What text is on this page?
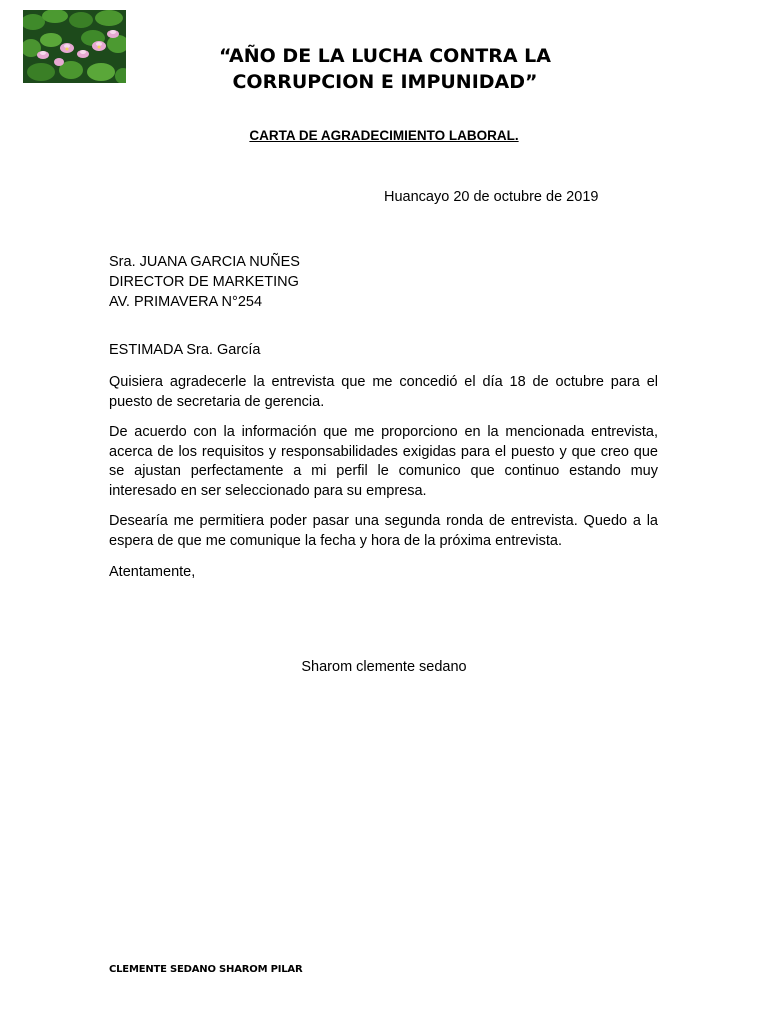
“AÑO DE LA LUCHA CONTRA LA CORRUPCION E IMPUNIDAD”
CARTA DE AGRADECIMIENTO LABORAL.
Huancayo 20 de octubre de 2019
Sra. JUANA GARCIA NUÑES
DIRECTOR DE MARKETING
AV. PRIMAVERA N°254
ESTIMADA Sra. García

Quisiera agradecerle la entrevista que me concedió el día 18 de octubre para el puesto de secretaria de gerencia.

De acuerdo con la información que me proporciono en la mencionada entrevista, acerca de los requisitos y responsabilidades exigidas para el puesto y que creo que se ajustan perfectamente a mi perfil le comunico que continuo estando muy interesado en ser seleccionado para su empresa.

Desearía me permitiera poder pasar una segunda ronda de entrevista. Quedo a la espera de que me comunique la fecha y hora de la próxima entrevista.

Atentamente,
Sharom clemente sedano
CLEMENTE SEDANO SHAROM PILAR
